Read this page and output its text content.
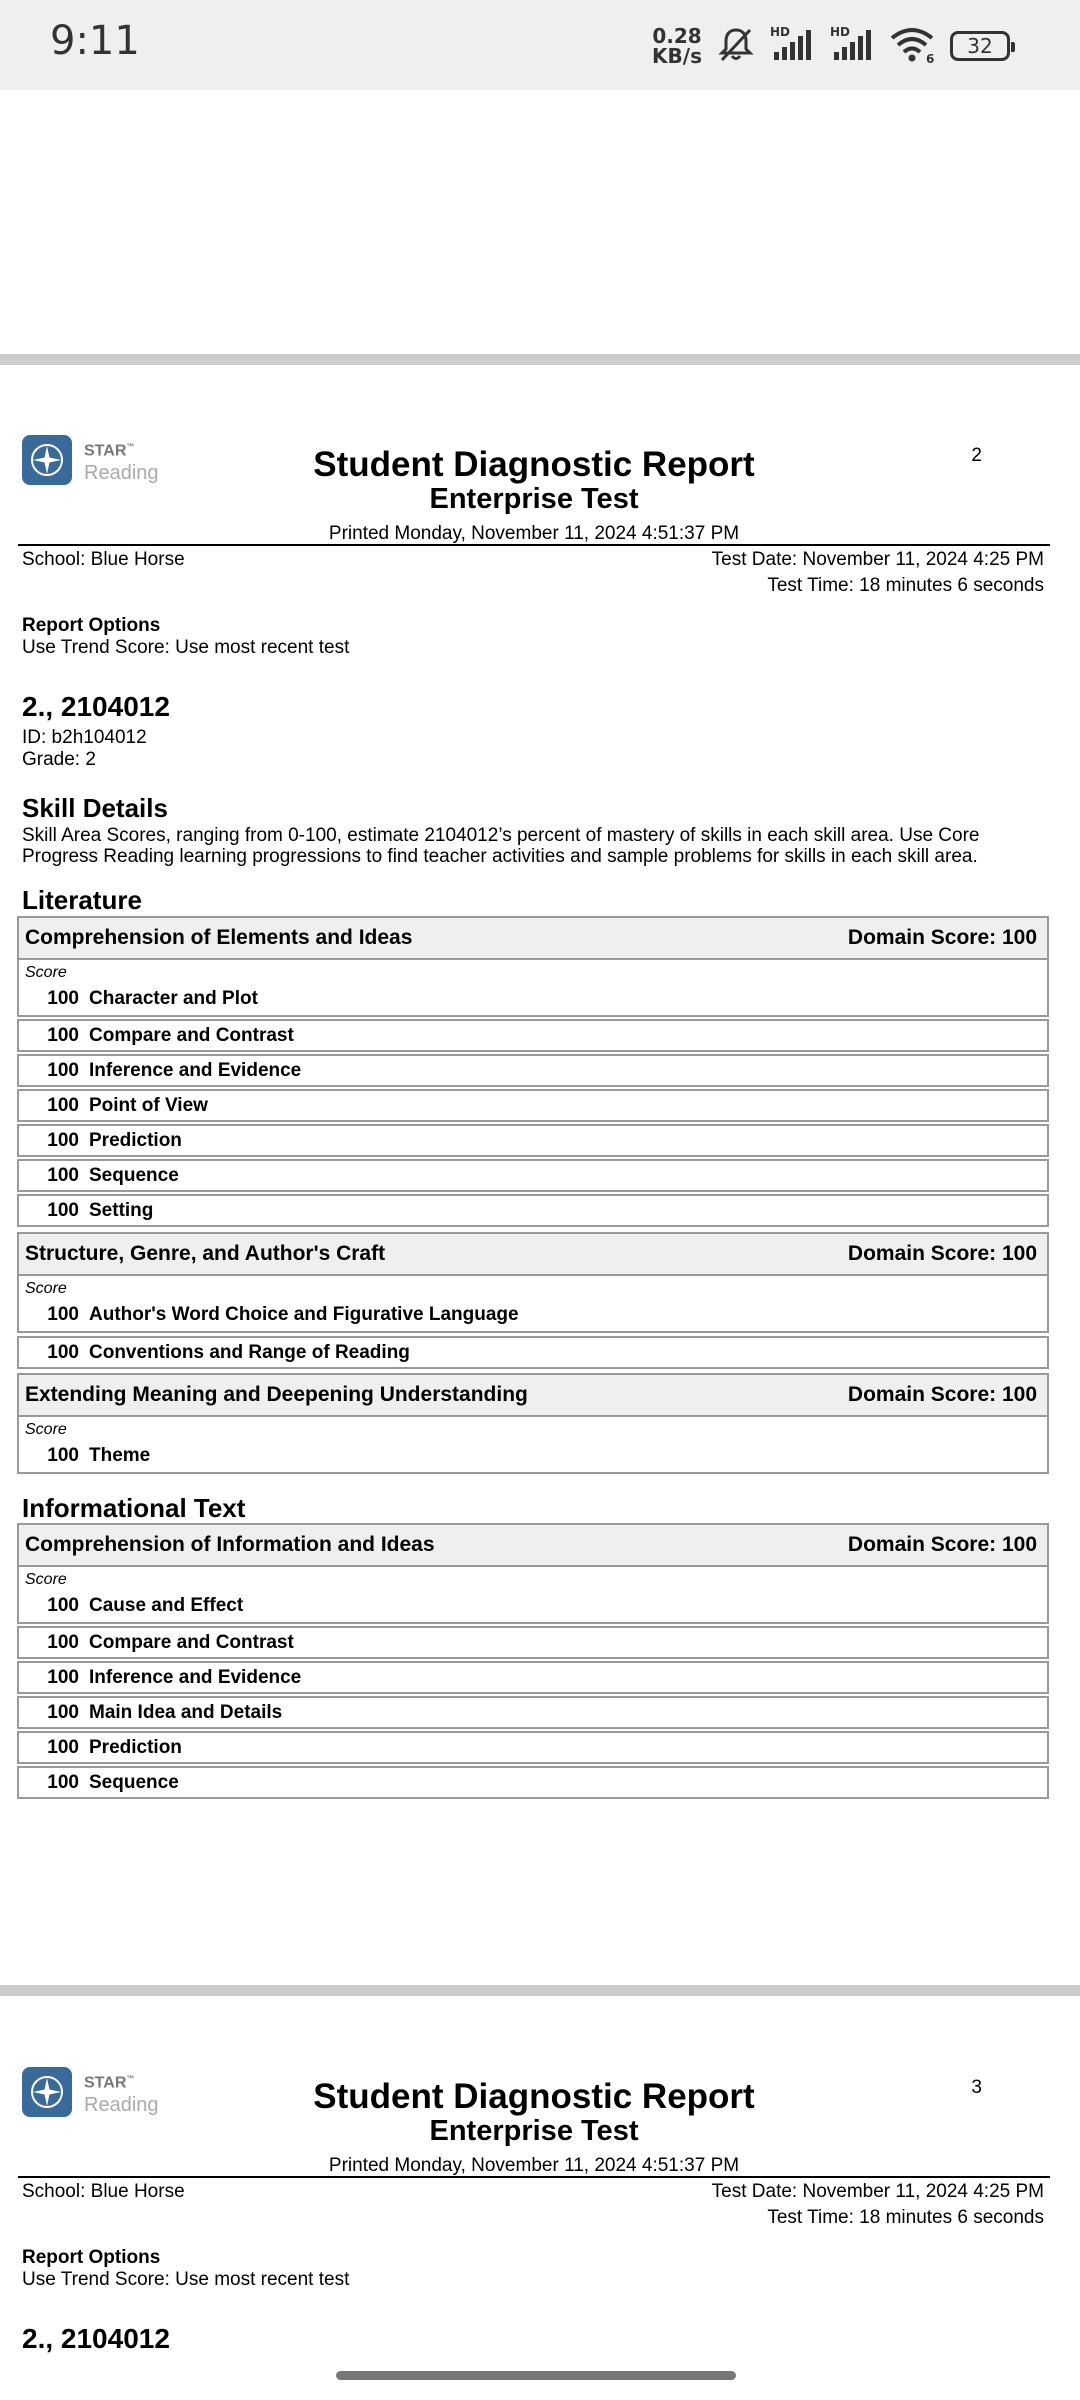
9:11	0.28
KB/s
HD	HD
6
32
STAR™
Reading
2
Student Diagnostic Report
Enterprise Test
Printed Monday, November 11, 2024 4:51:37 PM
School: Blue Horse	Test Date: November 11, 2024 4:25 PM
Test Time: 18 minutes 6 seconds
Report Options
Use Trend Score: Use most recent test
2., 2104012
ID: b2h104012
Grade: 2
Skill Details
Skill Area Scores, ranging from 0-100, estimate 2104012’s percent of mastery of skills in each skill area. Use Core Progress Reading learning progressions to find teacher activities and sample problems for skills in each skill area.
Literature
Comprehension of Elements and Ideas	Domain Score: 100
Score
100 Character and Plot
100 Compare and Contrast
100 Inference and Evidence
100 Point of View
100 Prediction
100 Sequence
100 Setting
Structure, Genre, and Author's Craft	Domain Score: 100
Score
100 Author's Word Choice and Figurative Language
100 Conventions and Range of Reading
Extending Meaning and Deepening Understanding	Domain Score: 100
Score
100 Theme
Informational Text
Comprehension of Information and Ideas	Domain Score: 100
Score
100 Cause and Effect
100 Compare and Contrast
100 Inference and Evidence
100 Main Idea and Details
100 Prediction
100 Sequence
STAR™
Reading
3
Student Diagnostic Report
Enterprise Test
Printed Monday, November 11, 2024 4:51:37 PM
School: Blue Horse	Test Date: November 11, 2024 4:25 PM
Test Time: 18 minutes 6 seconds
Report Options
Use Trend Score: Use most recent test
2., 2104012
